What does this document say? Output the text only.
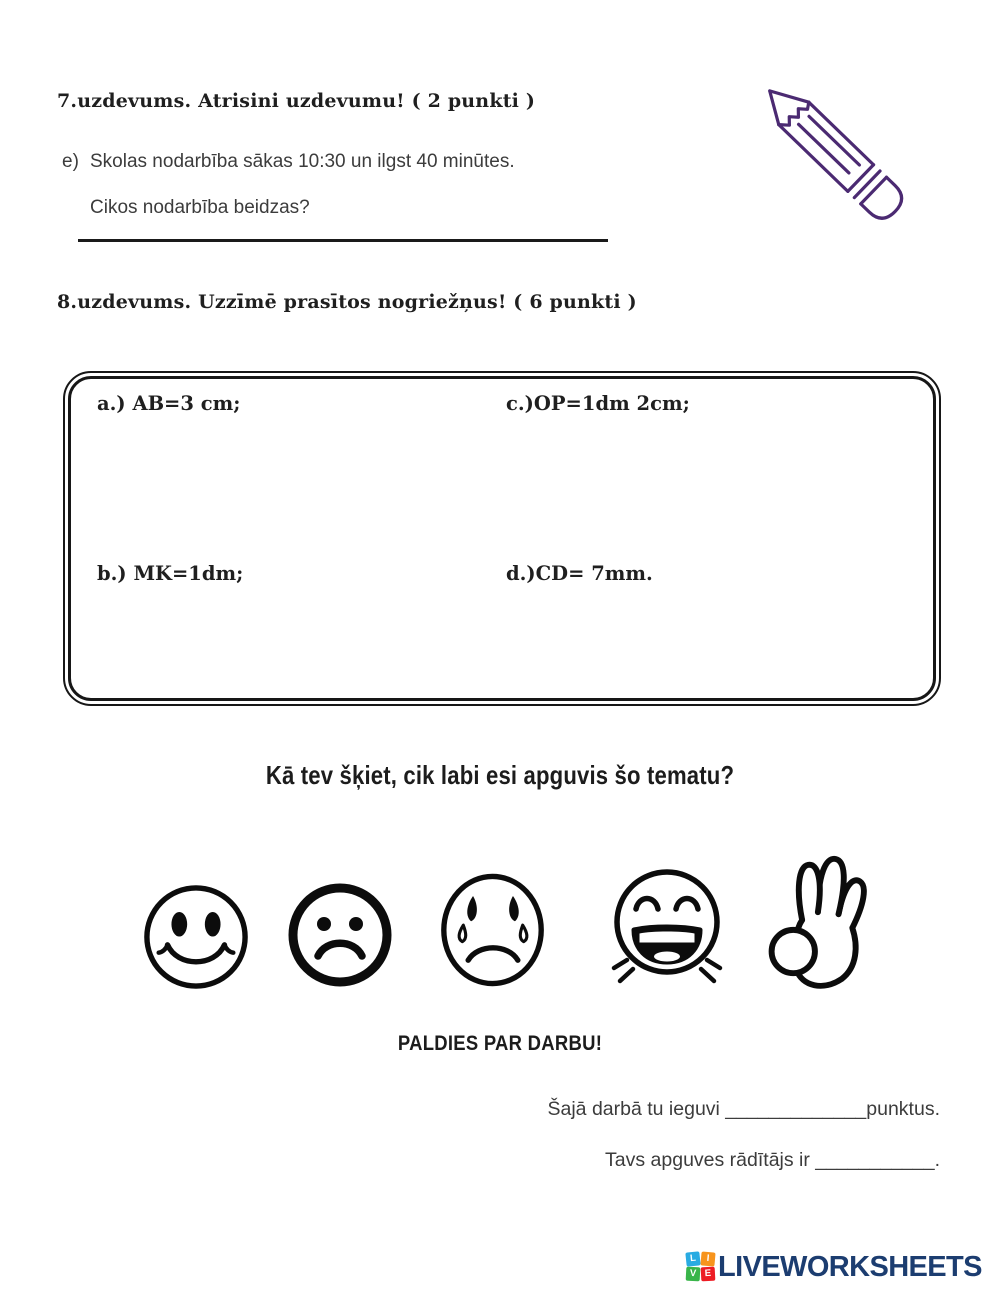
7.uzdevums. Atrisini uzdevumu! ( 2 punkti )
e) Skolas nodarbība sākas 10:30 un ilgst 40 minūtes.
Cikos nodarbība beidzas?
8.uzdevums. Uzzīmē prasītos nogriežņus! ( 6 punkti )
a.) AB=3 cm;	c.)OP=1dm 2cm;
b.) MK=1dm;	d.)CD= 7mm.
Kā tev šķiet, cik labi esi apguvis šo tematu?
PALDIES PAR DARBU!
Šajā darbā tu ieguvi _____________punktus.
Tavs apguves rādītājs ir ___________.
L	I
V E LIVEWORKSHEETS
